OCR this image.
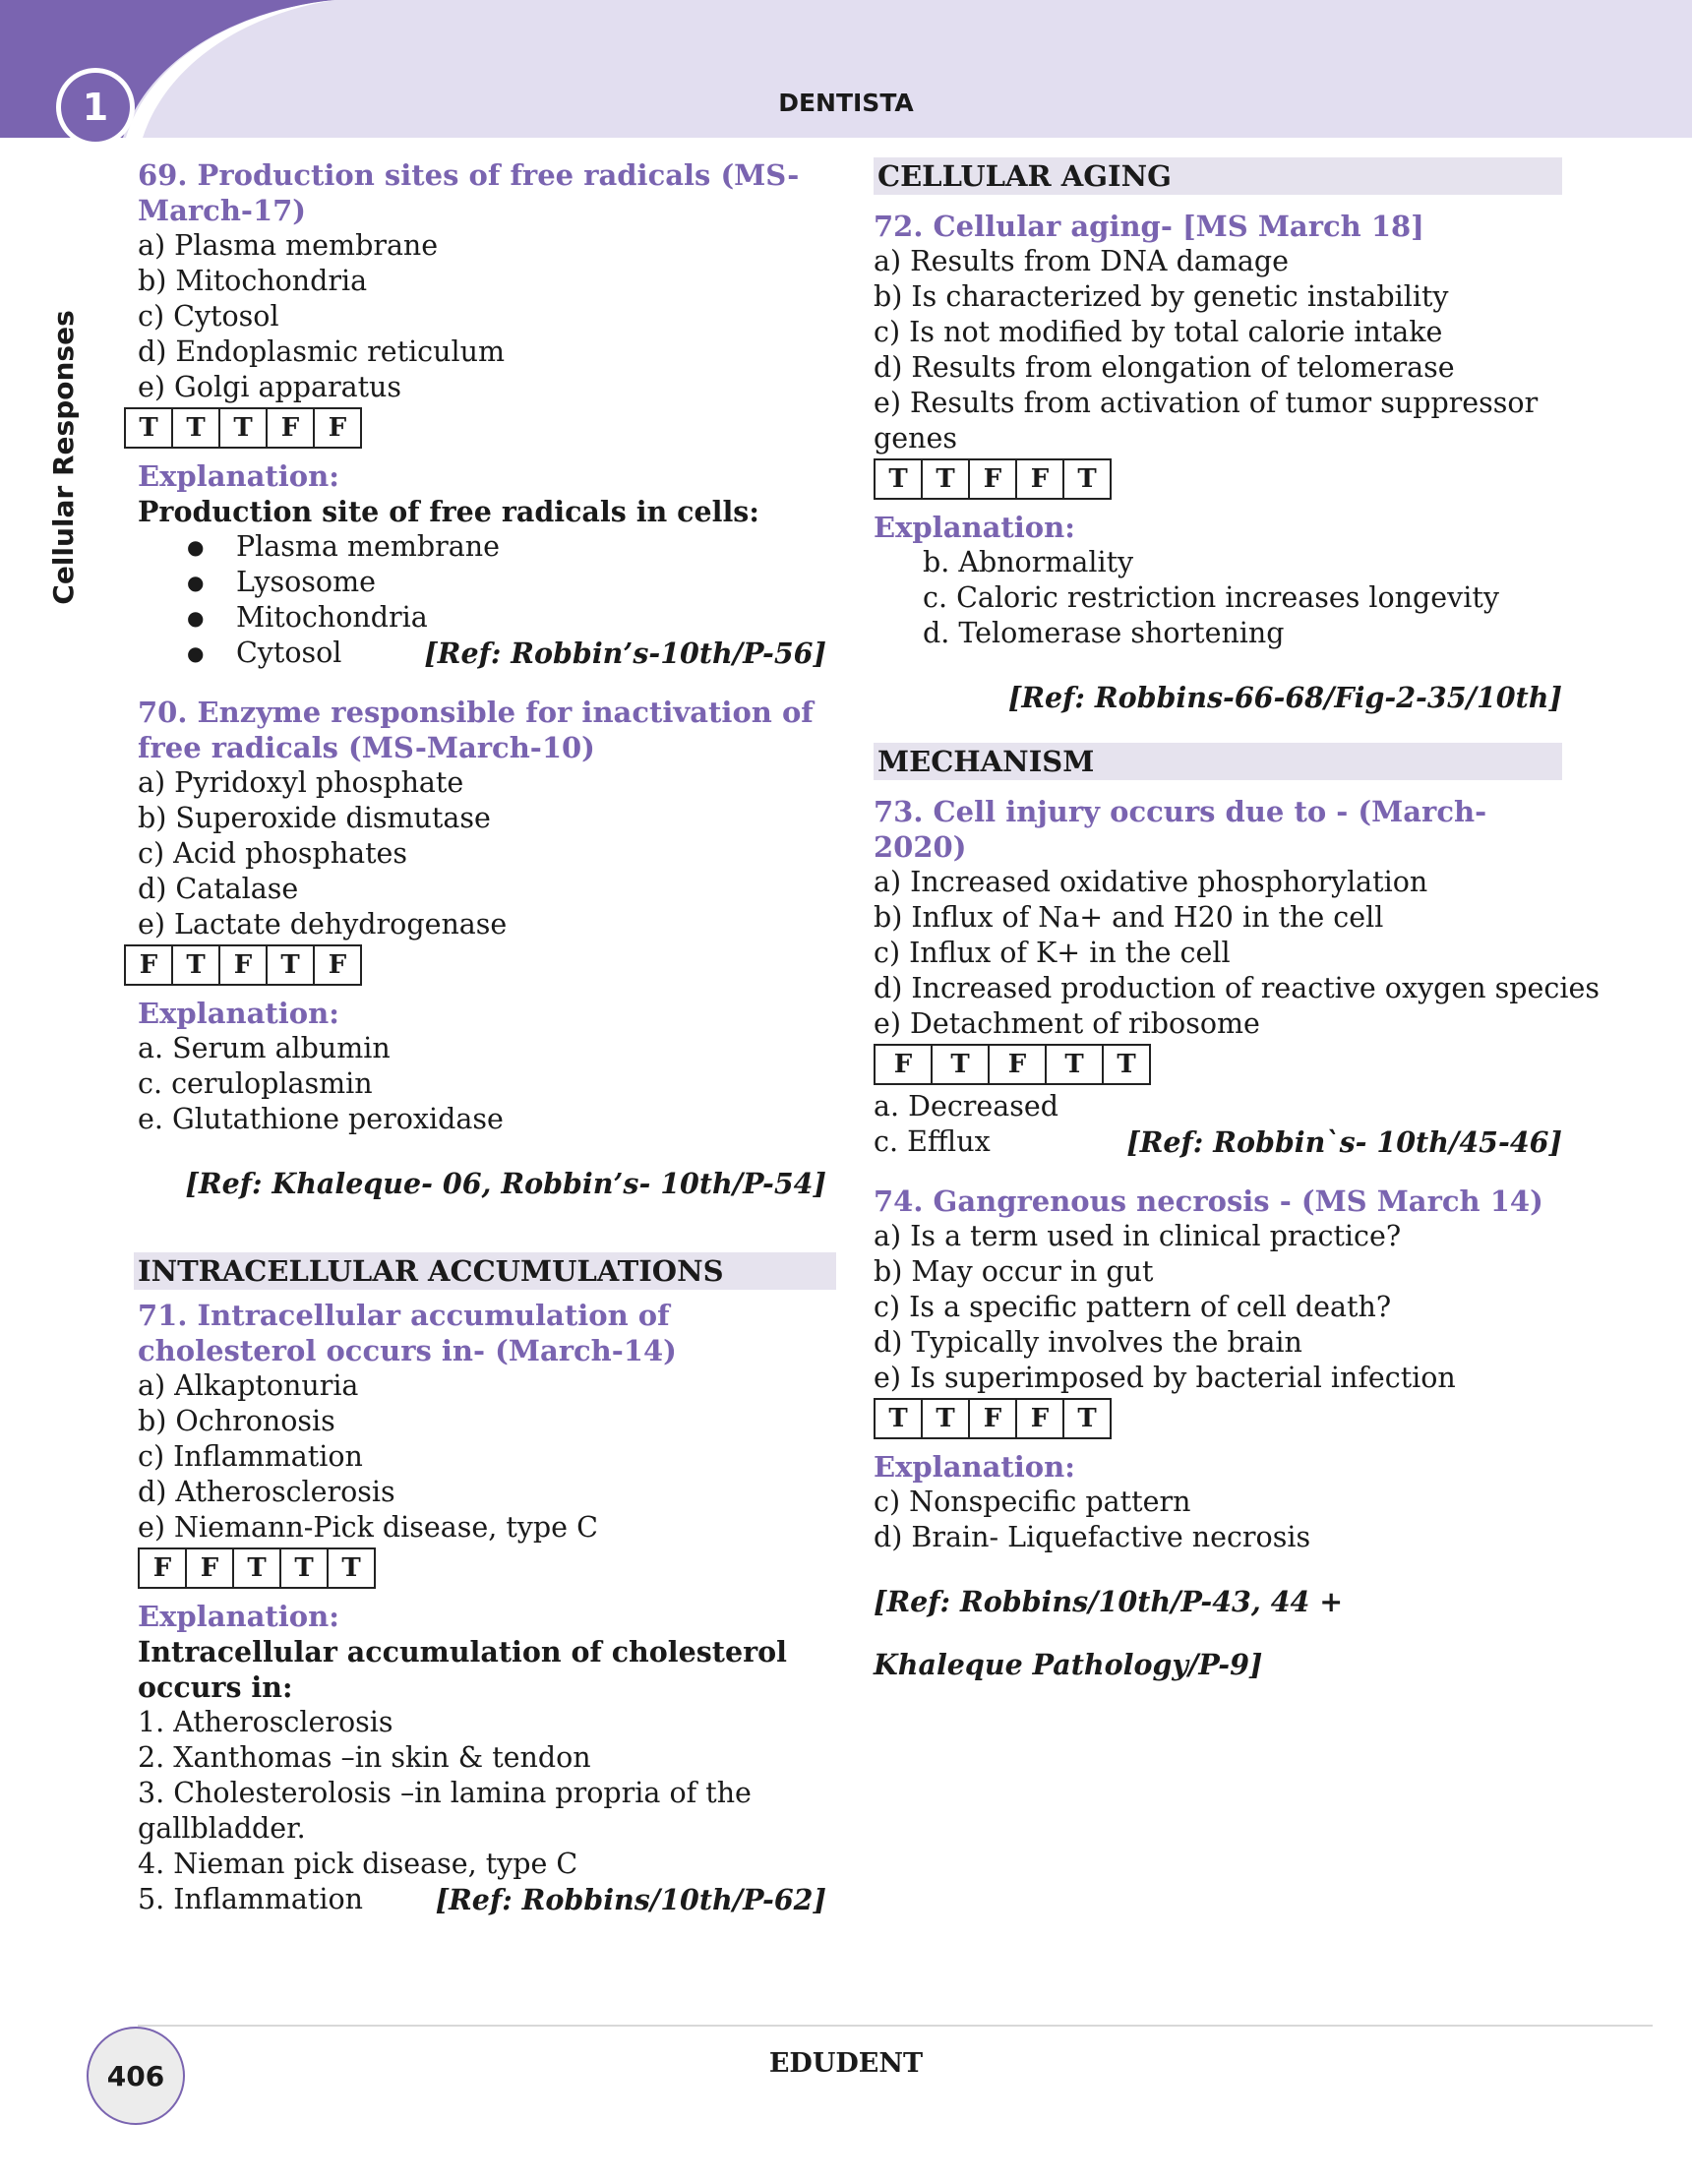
1	DENTISTA
Cellular Responses

69. Production sites of free radicals (MS-March-17)

a) Plasma membrane

b) Mitochondria

c) Cytosol

d) Endoplasmic reticulum

e) Golgi apparatus

T	T	T	F	F

Explanation:

Production site of free radicals in cells:

● Plasma membrane
● Lysosome
● Mitochondria
● Cytosol	[Ref: Robbin’s-10th/P-56]

70. Enzyme responsible for inactivation of free radicals (MS-March-10)

a) Pyridoxyl phosphate

b) Superoxide dismutase

c) Acid phosphates

d) Catalase

e) Lactate dehydrogenase

F	T	F	T	F

Explanation:

a. Serum albumin

c. ceruloplasmin

e. Glutathione peroxidase

[Ref: Khaleque- 06, Robbin’s- 10th/P-54]

INTRACELLULAR ACCUMULATIONS

71. Intracellular accumulation of cholesterol occurs in- (March-14)

a) Alkaptonuria

b) Ochronosis

c) Inflammation

d) Atherosclerosis

e) Niemann-Pick disease, type C

F	F	T	T	T

Explanation:

Intracellular accumulation of cholesterol occurs in:

1. Atherosclerosis

2. Xanthomas –in skin & tendon

3. Cholesterolosis –in lamina propria of the gallbladder.

4. Nieman pick disease, type C

5. Inflammation	[Ref: Robbins/10th/P-62]

CELLULAR AGING

72. Cellular aging- [MS March 18]

a) Results from DNA damage

b) Is characterized by genetic instability

c) Is not modified by total calorie intake

d) Results from elongation of telomerase

e) Results from activation of tumor suppressor genes

T	T	F	F	T

Explanation:

b. Abnormality

c. Caloric restriction increases longevity

d. Telomerase shortening

[Ref: Robbins-66-68/Fig-2-35/10th]

MECHANISM

73. Cell injury occurs due to - (March-2020)

a) Increased oxidative phosphorylation

b) Influx of Na+ and H20 in the cell

c) Influx of K+ in the cell

d) Increased production of reactive oxygen species

e) Detachment of ribosome

F	T	F	T	T

a. Decreased

c. Efflux	[Ref: Robbin`s- 10th/45-46]

74. Gangrenous necrosis - (MS March 14)

a) Is a term used in clinical practice?

b) May occur in gut

c) Is a specific pattern of cell death?

d) Typically involves the brain

e) Is superimposed by bacterial infection

T	T	F	F	T

Explanation:

c) Nonspecific pattern

d) Brain- Liquefactive necrosis

[Ref: Robbins/10th/P-43, 44 +

Khaleque Pathology/P-9]

406	EDUDENT
